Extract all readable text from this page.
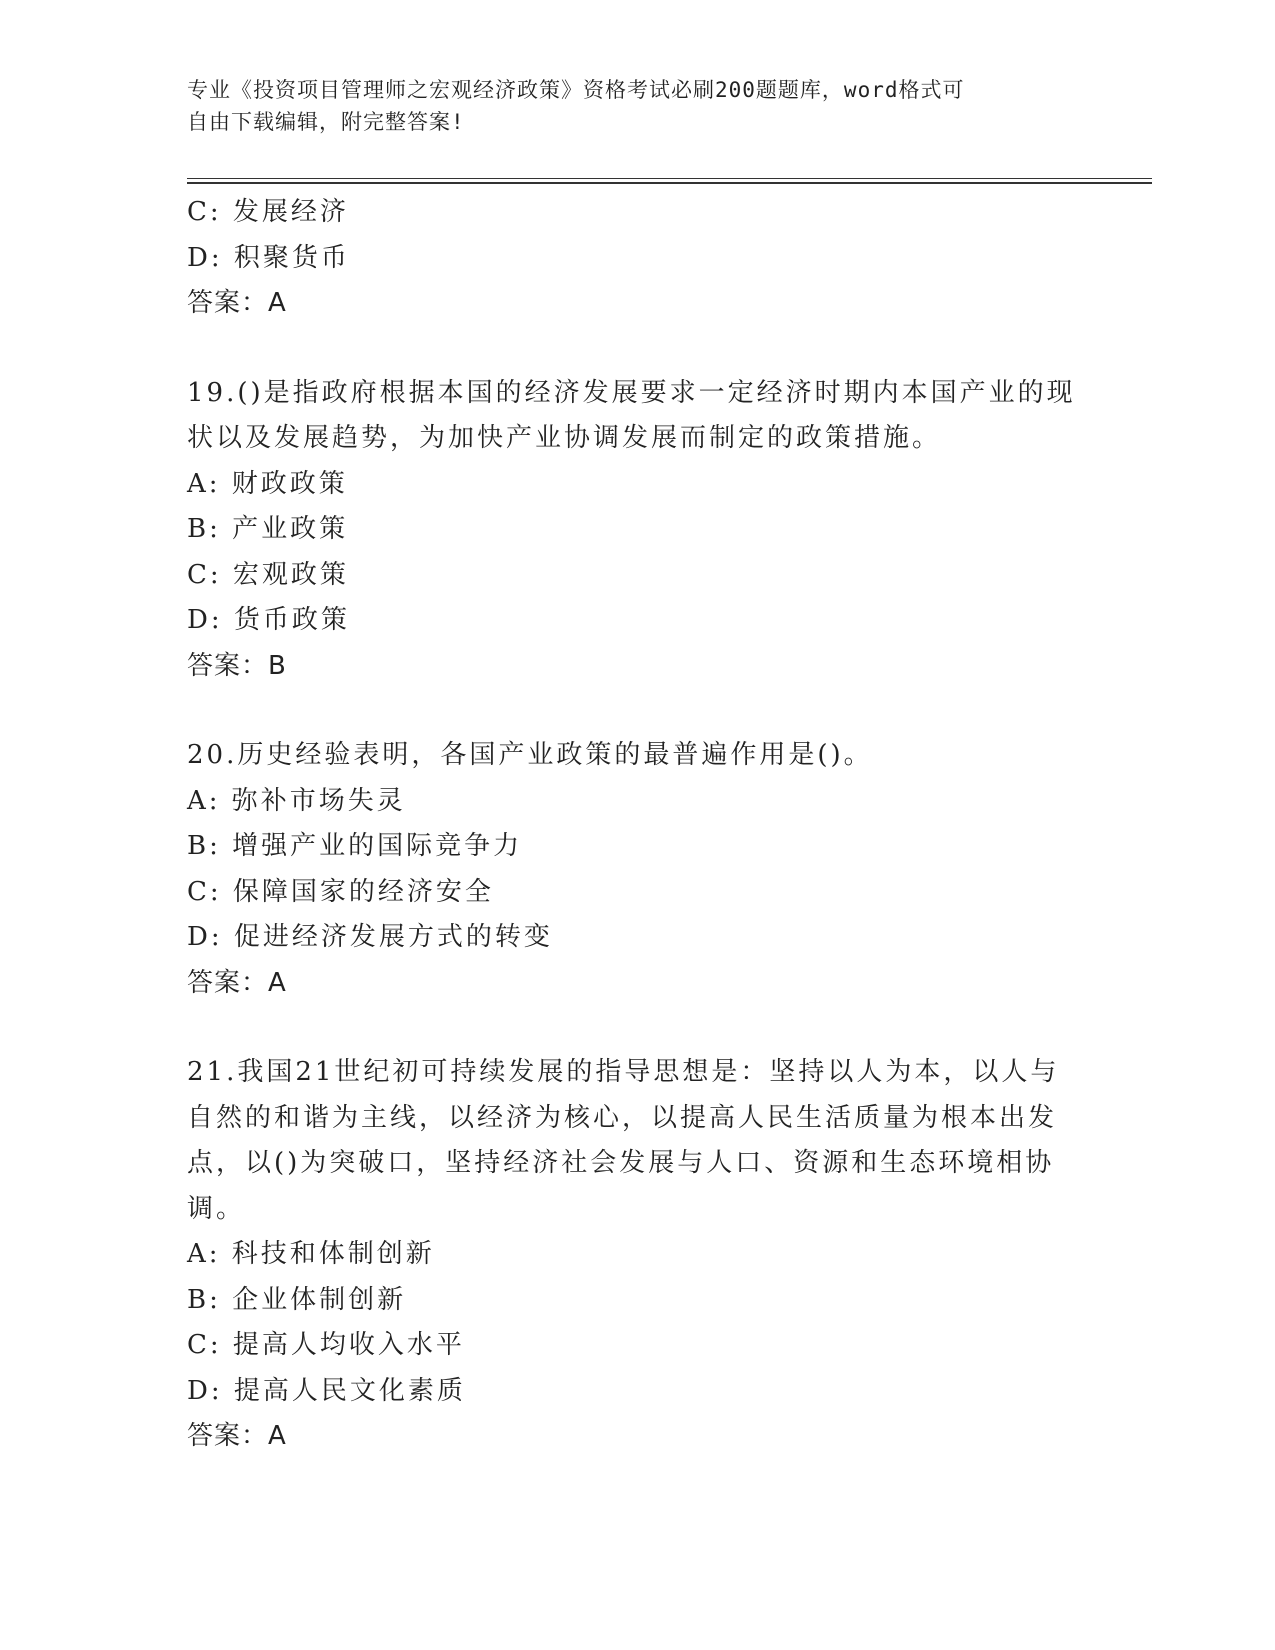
专业《投资项目管理师之宏观经济政策》资格考试必刷200题题库，word格式可
自由下载编辑，附完整答案!
C: 发展经济
D: 积聚货币
答案：A
19.()是指政府根据本国的经济发展要求一定经济时期内本国产业的现
状以及发展趋势，为加快产业协调发展而制定的政策措施。
A: 财政政策
B: 产业政策
C: 宏观政策
D: 货币政策
答案：B
20.历史经验表明，各国产业政策的最普遍作用是()。
A: 弥补市场失灵
B: 增强产业的国际竞争力
C: 保障国家的经济安全
D: 促进经济发展方式的转变
答案：A
21.我国21世纪初可持续发展的指导思想是：坚持以人为本，以人与
自然的和谐为主线，以经济为核心，以提高人民生活质量为根本出发
点，以()为突破口，坚持经济社会发展与人口、资源和生态环境相协
调。
A: 科技和体制创新
B: 企业体制创新
C: 提高人均收入水平
D: 提高人民文化素质
答案：A
